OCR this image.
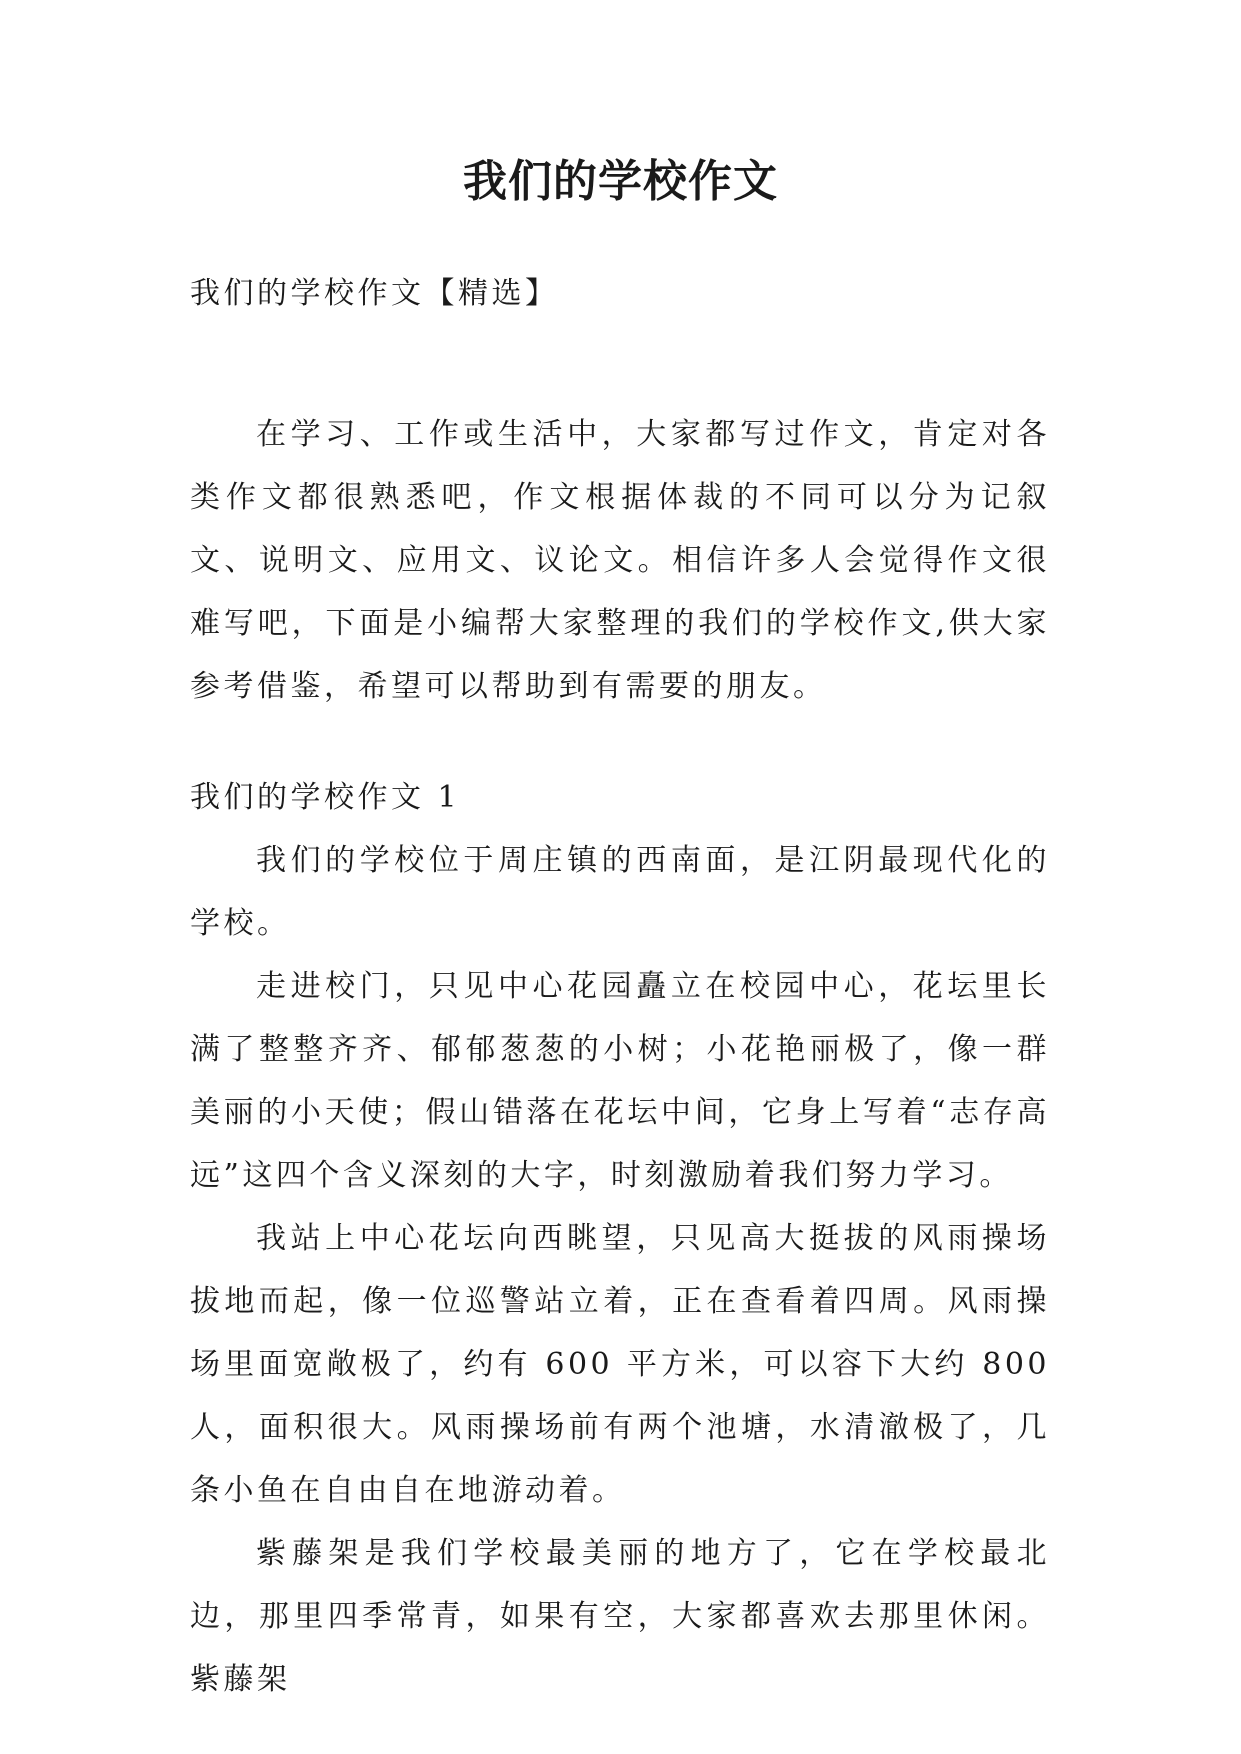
我们的学校作文

我们的学校作文【精选】

在学习、工作或生活中，大家都写过作文，肯定对各类作文都很熟悉吧，作文根据体裁的不同可以分为记叙文、说明文、应用文、议论文。相信许多人会觉得作文很难写吧，下面是小编帮大家整理的我们的学校作文,供大家参考借鉴，希望可以帮助到有需要的朋友。

我们的学校作文 1

我们的学校位于周庄镇的西南面，是江阴最现代化的学校。

走进校门，只见中心花园矗立在校园中心，花坛里长满了整整齐齐、郁郁葱葱的小树；小花艳丽极了，像一群美丽的小天使；假山错落在花坛中间，它身上写着“志存高远”这四个含义深刻的大字，时刻激励着我们努力学习。

我站上中心花坛向西眺望，只见高大挺拔的风雨操场拔地而起，像一位巡警站立着，正在查看着四周。风雨操场里面宽敞极了，约有 600 平方米，可以容下大约 800 人，面积很大。风雨操场前有两个池塘，水清澈极了，几条小鱼在自由自在地游动着。

紫藤架是我们学校最美丽的地方了，它在学校最北边，那里四季常青，如果有空，大家都喜欢去那里休闲。紫藤架
